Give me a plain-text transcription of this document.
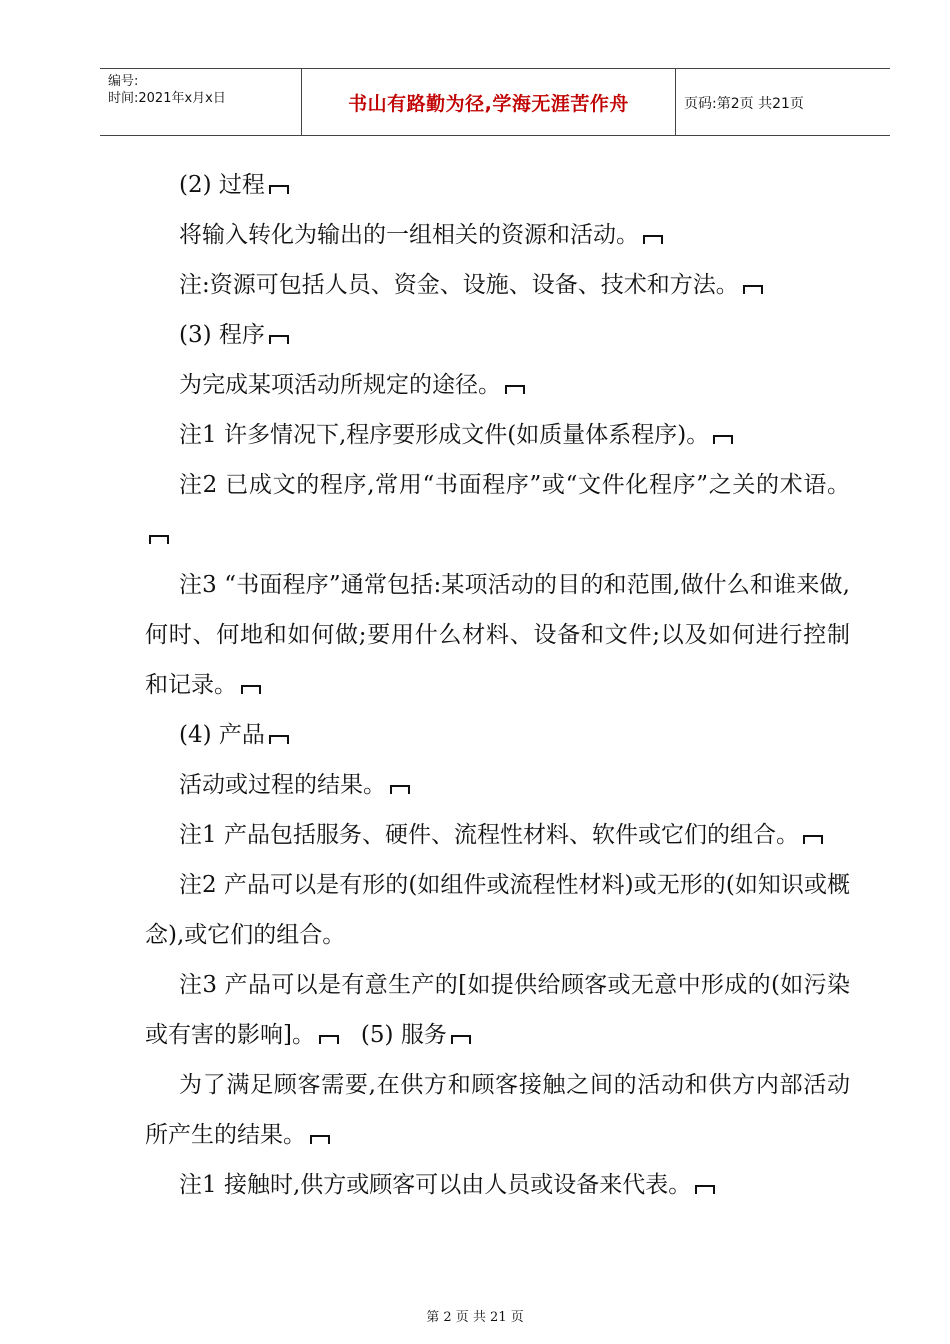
编号:
时间:2021年x月x日	书山有路勤为径,学海无涯苦作舟	页码:第2页 共21页

(2) 过程

将输入转化为输出的一组相关的资源和活动。

注:资源可包括人员、资金、设施、设备、技术和方法。

(3) 程序

为完成某项活动所规定的途径。

注1 许多情况下,程序要形成文件(如质量体系程序)。

注2 已成文的程序,常用“书面程序”或“文件化程序”之关的术语。

注3 “书面程序”通常包括:某项活动的目的和范围,做什么和谁来做,何时、何地和如何做;要用什么材料、设备和文件;以及如何进行控制和记录。

(4) 产品

活动或过程的结果。

注1 产品包括服务、硬件、流程性材料、软件或它们的组合。

注2 产品可以是有形的(如组件或流程性材料)或无形的(如知识或概念),或它们的组合。

注3 产品可以是有意生产的[如提供给顾客或无意中形成的(如污染或有害的影响]。 (5) 服务

为了满足顾客需要,在供方和顾客接触之间的活动和供方内部活动所产生的结果。

注1 接触时,供方或顾客可以由人员或设备来代表。

第 2 页 共 21 页
